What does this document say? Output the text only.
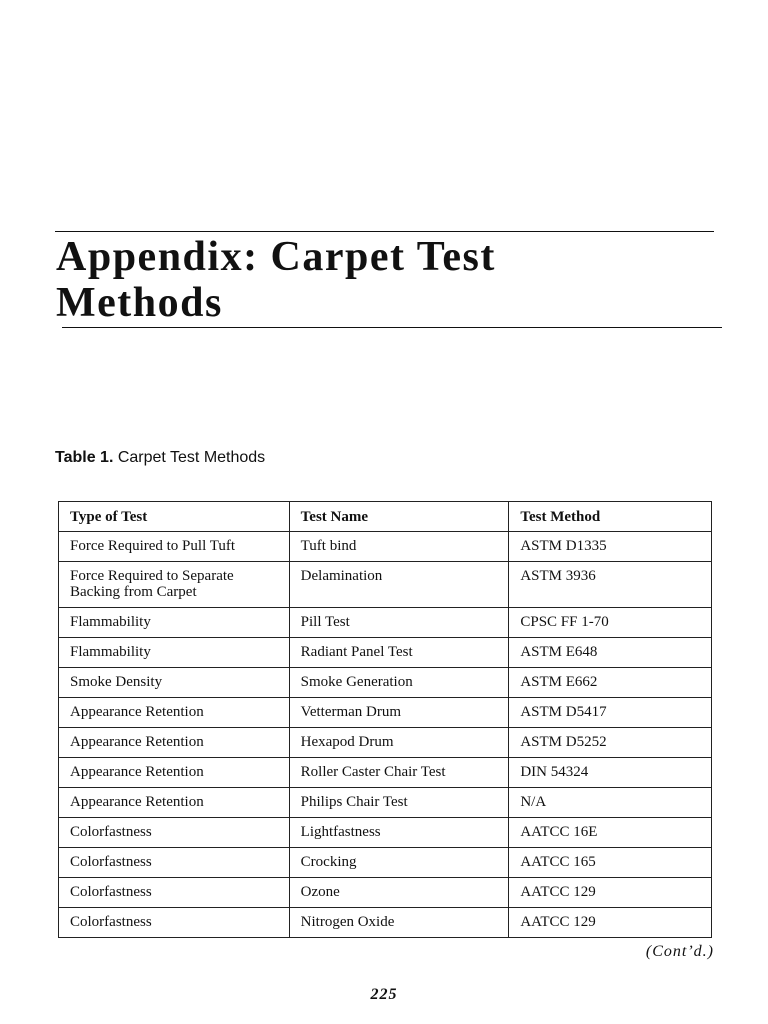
Appendix: Carpet Test
Methods
Table 1. Carpet Test Methods
Type of Test	Test Name	Test Method
Force Required to Pull Tuft	Tuft bind	ASTM D1335
Force Required to Separate Backing from Carpet	Delamination	ASTM 3936
Flammability	Pill Test	CPSC FF 1-70
Flammability	Radiant Panel Test	ASTM E648
Smoke Density	Smoke Generation	ASTM E662
Appearance Retention	Vetterman Drum	ASTM D5417
Appearance Retention	Hexapod Drum	ASTM D5252
Appearance Retention	Roller Caster Chair Test	DIN 54324
Appearance Retention	Philips Chair Test	N/A
Colorfastness	Lightfastness	AATCC 16E
Colorfastness	Crocking	AATCC 165
Colorfastness	Ozone	AATCC 129
Colorfastness	Nitrogen Oxide	AATCC 129
(Cont’d.)
225
